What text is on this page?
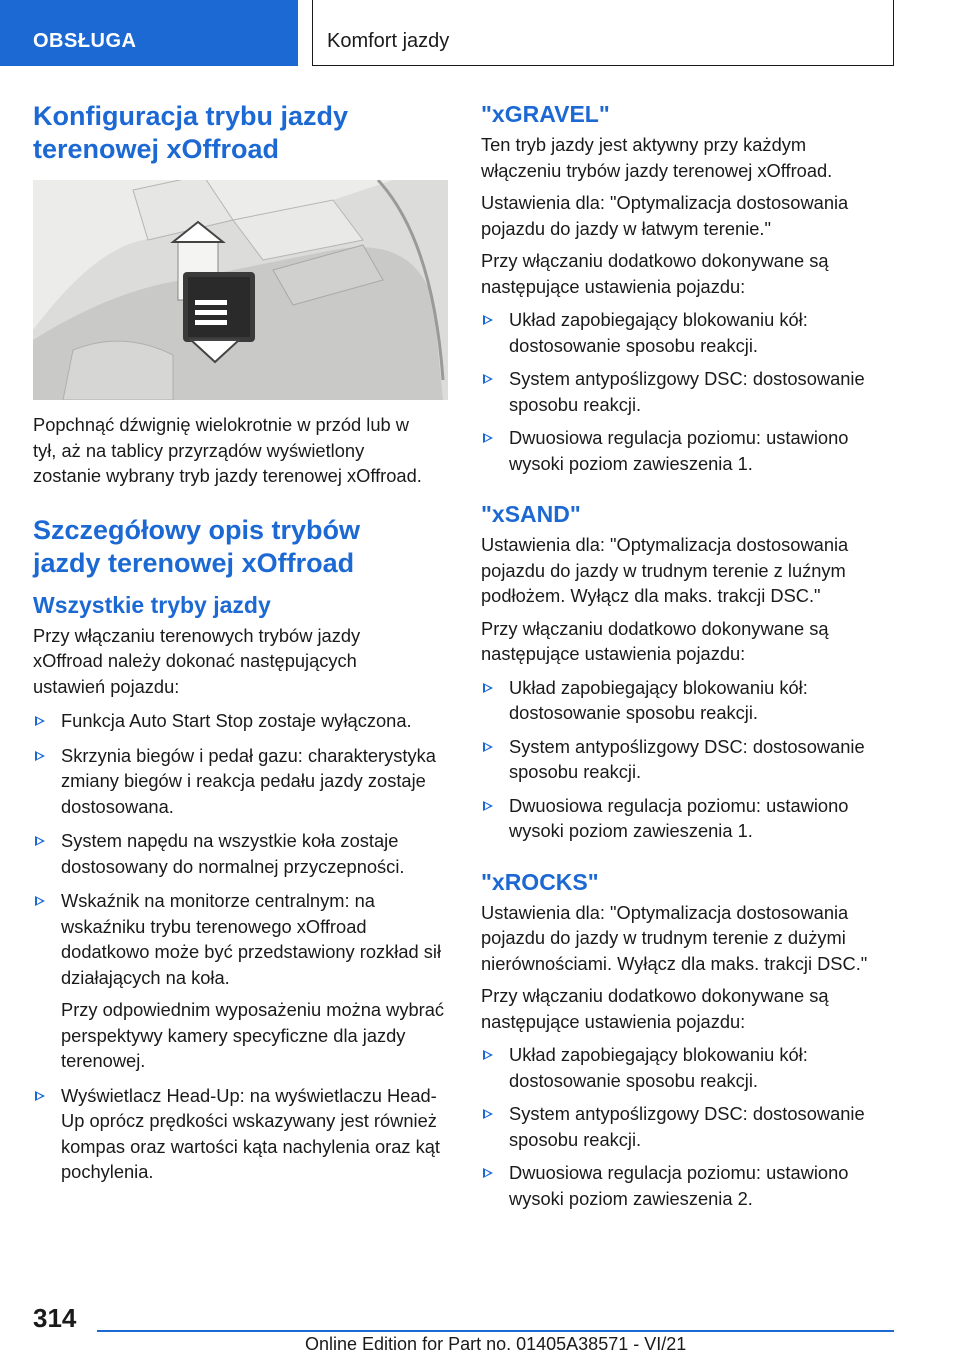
OBSŁUGA	Komfort jazdy
Konfiguracja trybu jazdy terenowej xOffroad

Popchnąć dźwignię wielokrotnie w przód lub w tył, aż na tablicy przyrządów wyświetlony zostanie wybrany tryb jazdy terenowej xOffroad.

Szczegółowy opis trybów jazdy terenowej xOffroad
Wszystkie tryby jazdy

Przy włączaniu terenowych trybów jazdy xOffroad należy dokonać następujących ustawień pojazdu:

Funkcja Auto Start Stop zostaje wyłączona.
Skrzynia biegów i pedał gazu: charakterystyka zmiany biegów i reakcja pedału jazdy zostaje dostosowana.
System napędu na wszystkie koła zostaje dostosowany do normalnej przyczepności.
Wskaźnik na monitorze centralnym: na wskaźniku trybu terenowego xOffroad dodatkowo może być przedstawiony rozkład sił działających na koła.
Przy odpowiednim wyposażeniu można wybrać perspektywy kamery specyficzne dla jazdy terenowej.
Wyświetlacz Head-Up: na wyświetlaczu Head-Up oprócz prędkości wskazywany jest również kompas oraz wartości kąta nachylenia oraz kąt pochylenia.
"xGRAVEL"

Ten tryb jazdy jest aktywny przy każdym włączeniu trybów jazdy terenowej xOffroad.

Ustawienia dla: "Optymalizacja dostosowania pojazdu do jazdy w łatwym terenie."

Przy włączaniu dodatkowo dokonywane są następujące ustawienia pojazdu:

Układ zapobiegający blokowaniu kół: dostosowanie sposobu reakcji.
System antypoślizgowy DSC: dostosowanie sposobu reakcji.
Dwuosiowa regulacja poziomu: ustawiono wysoki poziom zawieszenia 1.
"xSAND"

Ustawienia dla: "Optymalizacja dostosowania pojazdu do jazdy w trudnym terenie z luźnym podłożem. Wyłącz dla maks. trakcji DSC."

Przy włączaniu dodatkowo dokonywane są następujące ustawienia pojazdu:

Układ zapobiegający blokowaniu kół: dostosowanie sposobu reakcji.
System antypoślizgowy DSC: dostosowanie sposobu reakcji.
Dwuosiowa regulacja poziomu: ustawiono wysoki poziom zawieszenia 1.
"xROCKS"

Ustawienia dla: "Optymalizacja dostosowania pojazdu do jazdy w trudnym terenie z dużymi nierównościami. Wyłącz dla maks. trakcji DSC."

Przy włączaniu dodatkowo dokonywane są następujące ustawienia pojazdu:

Układ zapobiegający blokowaniu kół: dostosowanie sposobu reakcji.
System antypoślizgowy DSC: dostosowanie sposobu reakcji.
Dwuosiowa regulacja poziomu: ustawiono wysoki poziom zawieszenia 2.
314
Online Edition for Part no. 01405A38571 - VI/21
